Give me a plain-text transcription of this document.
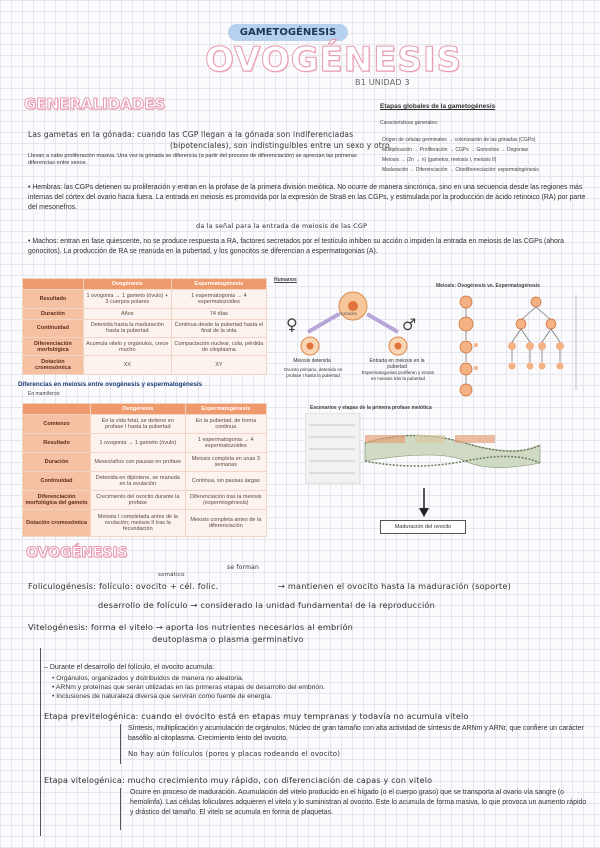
GAMETOGÉNESIS
OVOGÉNESIS
B1 UNIDAD 3
GENERALIDADES
Las gametas en la gónada: cuando las CGP llegan a la gónada son indiferenciadas
(bipotenciales), son indistinguibles entre un sexo y otro
Llevan a cabo proliferación masiva. Una vez la gónada se diferencia (a partir del proceso de diferenciación) se aprecian las primeras diferencias entre sexos.
Etapas globales de la gametogénesis
Características generales:
Origen de células germinales → colonización de las gónadas (CGPs)
Multiplicación → Proliferación → CGPs → Gonocitos → Oogonias
Meiosis → (2n → n) (gametos, meiosis I, meiosis II)
Maduración → Diferenciación → Citodiferenciación: espermatogénesis
• Hembras: las CGPs detienen su proliferación y entran en la profase de la primera división meiótica. No ocurre de manera sincrónica, sino en una secuencia desde las regiones más internas del córtex del ovario hacia fuera. La entrada en meiosis es promovida por la expresión de Stra8 en las CGPs, y estimulada por la producción de ácido retinoico (RA) por parte del mesonefros.
da la señal para la entrada de meiosis de las CGP
• Machos: entran en fase quiescente, no se produce respuesta a RA, factores secretados por el testículo inhiben su acción o impiden la entrada en meiosis de las CGPs (ahora gonocitos). La producción de RA se reanuda en la pubertad, y los gonocitos se diferencian a espermatogonias (A).
	Ovogénesis	Espermatogénesis
Resultado	1 ovogonia → 1 gameto (óvulo) + 3 cuerpos polares	1 espermatogonia → 4 espermatozoides
Duración	Años	74 días
Continuidad	Detenida hasta la maduración hasta la pubertad	Continua desde la pubertad hasta el final de la vida
Diferenciación morfológica	Acumula vitelo y orgánulos, crece mucho	Compactación nuclear, cola, pérdida de citoplasma
Dotación cromosómica	XX	XY
Diferencias en meiosis entre ovogénesis y espermatogénesis
En mamíferos:
	Ovogénesis	Espermatogénesis
Comienzo	En la vida fetal, se detiene en profase I hasta la pubertad	En la pubertad, de forma continua
Resultado	1 ovogonia → 1 gameto (óvulo)	1 espermatogonia → 4 espermatozoides
Duración	Meses/años con pausas en profase	Meiosis completa en unas 3 semanas
Continuidad	Detenida en diplotene, se reanuda en la ovulación	Continua, sin pausas largas
Diferenciación morfológica del gameto	Crecimiento del ovocito durante la profase	Diferenciación tras la meiosis (espermiogénesis)
Dotación cromosómica	Meiosis I completada antes de la ovulación; meiosis II tras la fecundación	Meiosis completa antes de la diferenciación
Humanos
♀	♂
Gonocito
Meiosis detenida
Ovocito primario, detenido en profase I hasta la pubertad
Entrada en meiosis en la pubertad
Espermatogonias proliferan y entran en meiosis tras la pubertad
Meiosis: Ovogénesis vs. Espermatogénesis
Escenarios y etapas de la primera profase meiótica
Maduración del ovocito
OVOGÉNESIS
se forman
somático
Foliculogénesis: folículo: ovocito + cél. folic.	→ mantienen el ovocito hasta la maduración (soporte)
desarrollo de folículo → considerado la unidad fundamental de la reproducción
Vitelogénesis: forma el vitelo → aporta los nutrientes necesarios al embrión
deutoplasma o plasma germinativo
– Durante el desarrollo del folículo, el ovocito acumula:
• Orgánulos, organizados y distribuidos de manera no aleatoria.
• ARNm y proteínas que serán utilizadas en las primeras etapas de desarrollo del embrión.
• Inclusiones de naturaleza diversa que servirán como fuente de energía.
Etapa previtelogénica: cuando el ovocito está en etapas muy tempranas y todavía no acumula vitelo
Síntesis, multiplicación y acumulación de orgánulos. Núcleo de gran tamaño con alta actividad de síntesis de ARNm y ARNr, que confiere un carácter basófilo al citoplasma. Crecimiento lento del ovocito.
No hay aún folículos (poros y placas rodeando el ovocito)
Etapa vitelogénica: mucho crecimiento muy rápido, con diferenciación de capas y con vitelo
Ocurre en proceso de maduración. Acumulación del vitelo producido en el hígado (o el cuerpo graso) que se transporta al ovario vía sangre (o hemolinfa). Las células foliculares adquieren el vitelo y lo suministran al ovocito. Este lo acumula de forma masiva, lo que provoca un aumento rápido y drástico del tamaño. El vitelo se acumula en forma de plaquetas.
